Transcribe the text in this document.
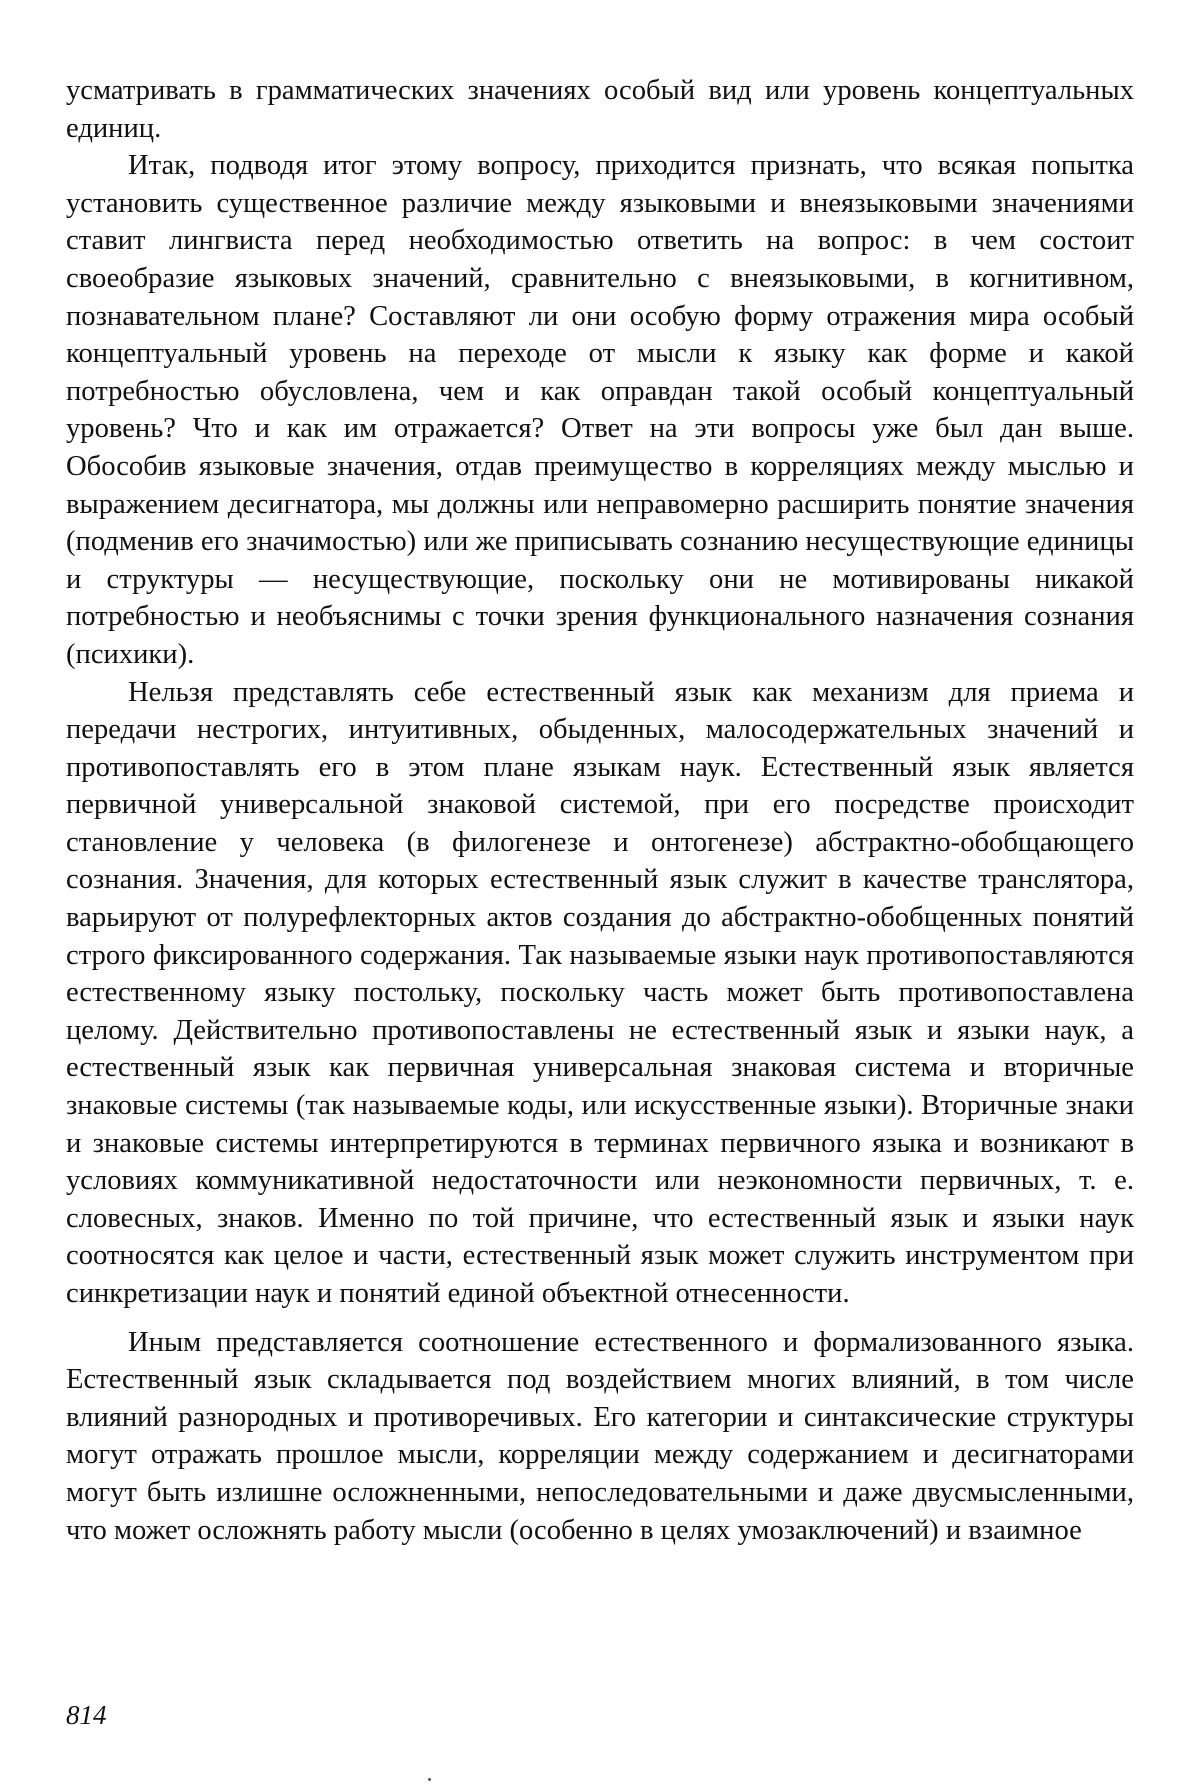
усматривать в грамматических значениях особый вид или уровень концептуальных единиц.

Итак, подводя итог этому вопросу, приходится признать, что всякая попытка установить существенное различие между языковыми и внеязыковыми значениями ставит лингвиста перед необходимостью ответить на вопрос: в чем состоит своеобразие языковых значений, сравнительно с внеязыковыми, в когнитивном, познавательном плане? Составляют ли они особую форму отражения мира особый концептуальный уровень на переходе от мысли к языку как форме и какой потребностью обусловлена, чем и как оправдан такой особый концептуальный уровень? Что и как им отражается? Ответ на эти вопросы уже был дан выше. Обособив языковые значения, отдав преимущество в корреляциях между мыслью и выражением десигнатора, мы должны или неправомерно расширить понятие значения (подменив его значимостью) или же приписывать сознанию несуществующие единицы и структуры — несуществующие, поскольку они не мотивированы никакой потребностью и необъяснимы с точки зрения функционального назначения сознания (психики).

Нельзя представлять себе естественный язык как механизм для приема и передачи нестрогих, интуитивных, обыденных, малосодержательных значений и противопоставлять его в этом плане языкам наук. Естественный язык является первичной универсальной знаковой системой, при его посредстве происходит становление у человека (в филогенезе и онтогенезе) абстрактно-обобщающего сознания. Значения, для которых естественный язык служит в качестве транслятора, варьируют от полурефлекторных актов создания до абстрактно-обобщенных понятий строго фиксированного содержания. Так называемые языки наук противопоставляются естественному языку постольку, поскольку часть может быть противопоставлена целому. Действительно противопоставлены не естественный язык и языки наук, а естественный язык как первичная универсальная знаковая система и вторичные знаковые системы (так называемые коды, или искусственные языки). Вторичные знаки и знаковые системы интерпретируются в терминах первичного языка и возникают в условиях коммуникативной недостаточности или неэкономности первичных, т. е. словесных, знаков. Именно по той причине, что естественный язык и языки наук соотносятся как целое и части, естественный язык может служить инструментом при синкретизации наук и понятий единой объектной отнесенности.

Иным представляется соотношение естественного и формализованного языка. Естественный язык складывается под воздействием многих влияний, в том числе влияний разнородных и противоречивых. Его категории и синтаксические структуры могут отражать прошлое мысли, корреляции между содержанием и десигнаторами могут быть излишне осложненными, непоследовательными и даже двусмысленными, что может осложнять работу мысли (особенно в целях умозаключений) и взаимное

814
